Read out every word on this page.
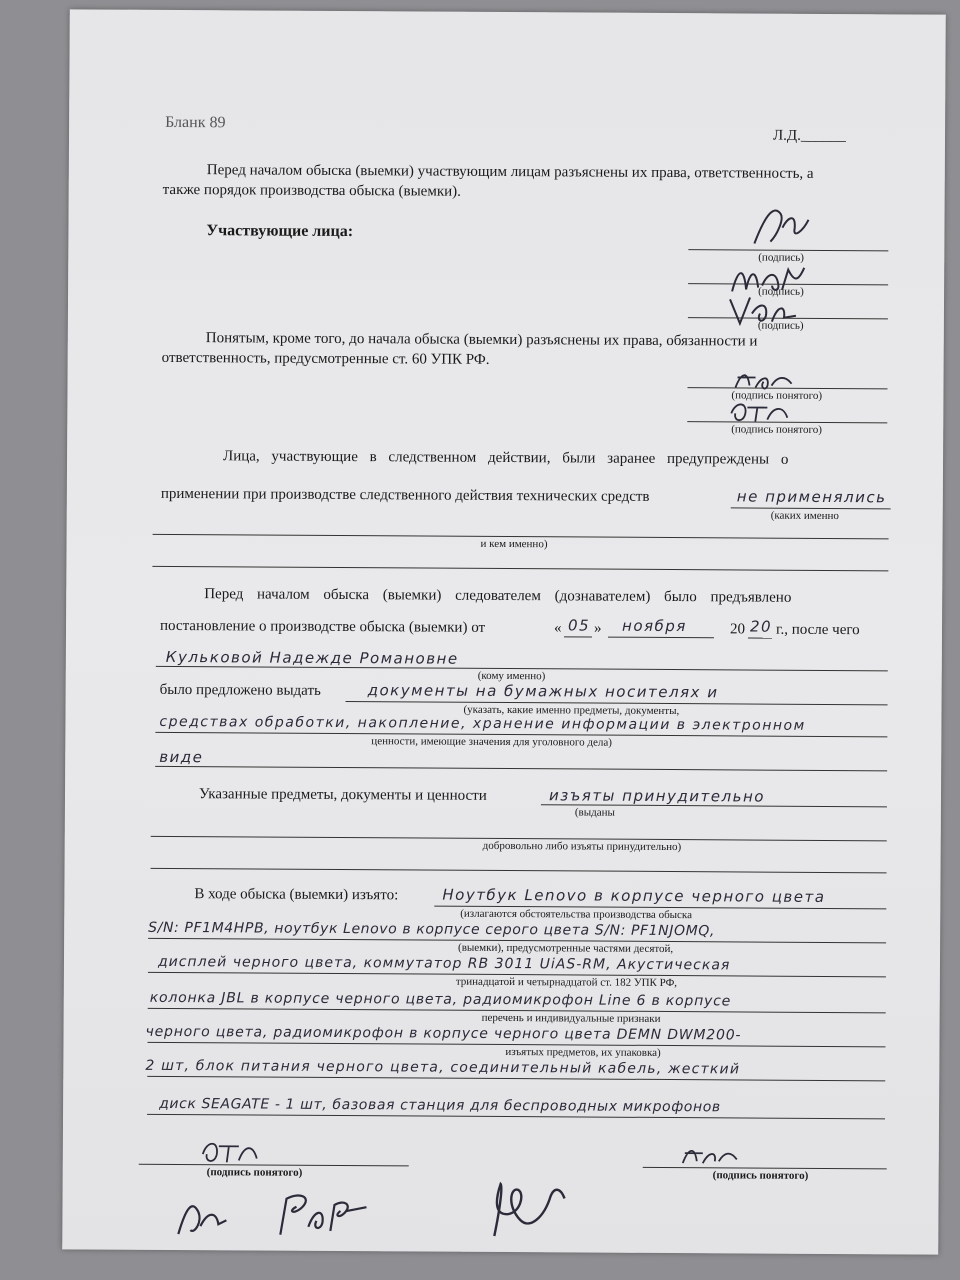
Бланк 89
Л.Д.______
Перед началом обыска (выемки) участвующим лицам разъяснены их права, ответственность, а
также порядок производства обыска (выемки).
Участвующие лица:
(подпись)
(подпись)
(подпись)
Понятым, кроме того, до начала обыска (выемки) разъяснены их права, обязанности и
ответственность, предусмотренные ст. 60 УПК РФ.
(подпись понятого)
(подпись понятого)
Лица, участвующие в следственном действии, были заранее предупреждены о
применении при производстве следственного действия технических средств	не применялись
(каких именно
и кем именно)
Перед началом обыска (выемки) следователем (дознавателем) было предъявлено
постановление о производстве обыска (выемки) от	« 05 » ноября	20 20 г., после чего
Кульковой Надежде Романовне
(кому именно)
было предложено выдать	документы на бумажных носителях и
(указать, какие именно предметы, документы,
средствах обработки, накопление, хранение информации в электронном
ценности, имеющие значения для уголовного дела)
виде
Указанные предметы, документы и ценности	изъяты принудительно
(выданы
добровольно либо изъяты принудительно)
В ходе обыска (выемки) изъято:	Ноутбук Lenovo в корпусе черного цвета
(излагаются обстоятельства производства обыска
S/N: PF1M4HPB, ноутбук Lenovo в корпусе серого цвета S/N: PF1NJOMQ,
(выемки), предусмотренные частями десятой,
дисплей черного цвета, коммутатор RB 3011 UiAS-RM, Акустическая
тринадцатой и четырнадцатой ст. 182 УПК РФ,
колонка JBL в корпусе черного цвета, радиомикрофон Line 6 в корпусе
перечень и индивидуальные признаки
черного цвета, радиомикрофон в корпусе черного цвета DEMN DWM200-
изъятых предметов, их упаковка)
2 шт, блок питания черного цвета, соединительный кабель, жесткий
диск SEAGATE - 1 шт, базовая станция для беспроводных микрофонов
(подпись понятого)	(подпись понятого)
